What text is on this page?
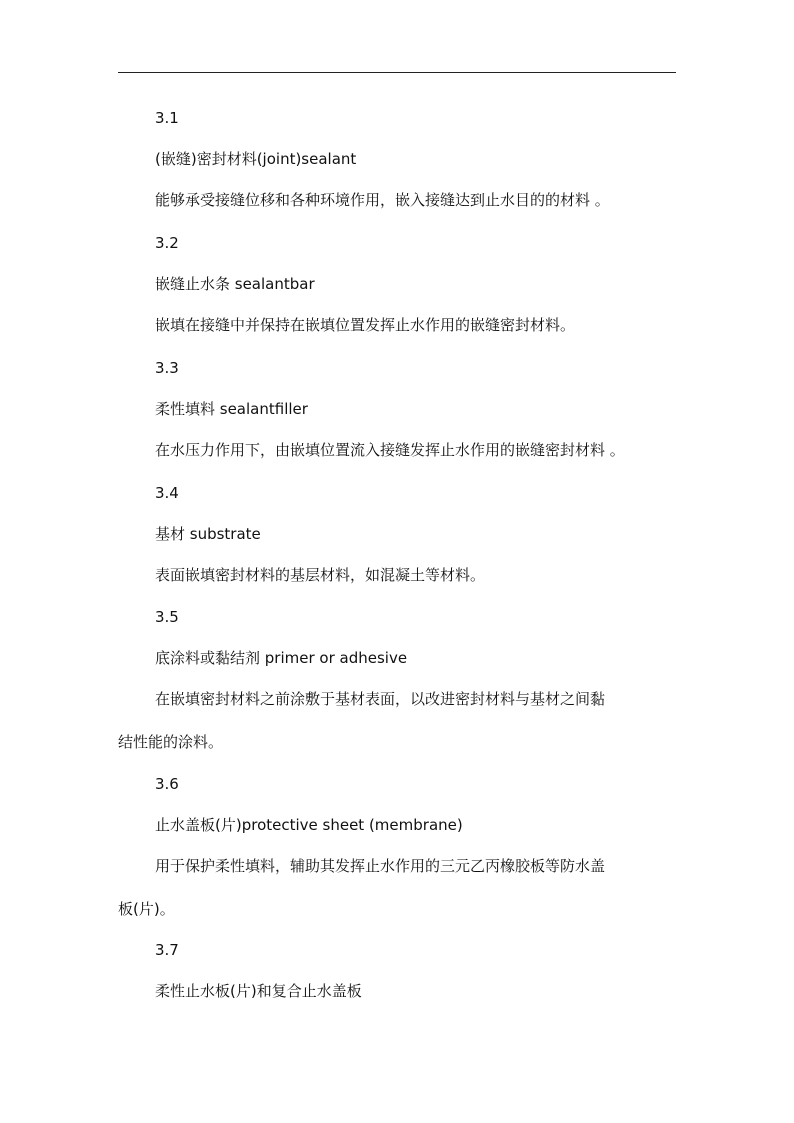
3.1
(嵌缝)密封材料(joint)sealant
能够承受接缝位移和各种环境作用，嵌入接缝达到止水目的的材料 。
3.2
嵌缝止水条 sealantbar
嵌填在接缝中并保持在嵌填位置发挥止水作用的嵌缝密封材料。
3.3
柔性填料 sealantfiller
在水压力作用下，由嵌填位置流入接缝发挥止水作用的嵌缝密封材料 。
3.4
基材 substrate
表面嵌填密封材料的基层材料，如混凝土等材料。
3.5
底涂料或黏结剂 primer or adhesive
在嵌填密封材料之前涂敷于基材表面，以改进密封材料与基材之间黏
结性能的涂料。
3.6
止水盖板(片)protective sheet (membrane)
用于保护柔性填料，辅助其发挥止水作用的三元乙丙橡胶板等防水盖
板(片)。
3.7
柔性止水板(片)和复合止水盖板
